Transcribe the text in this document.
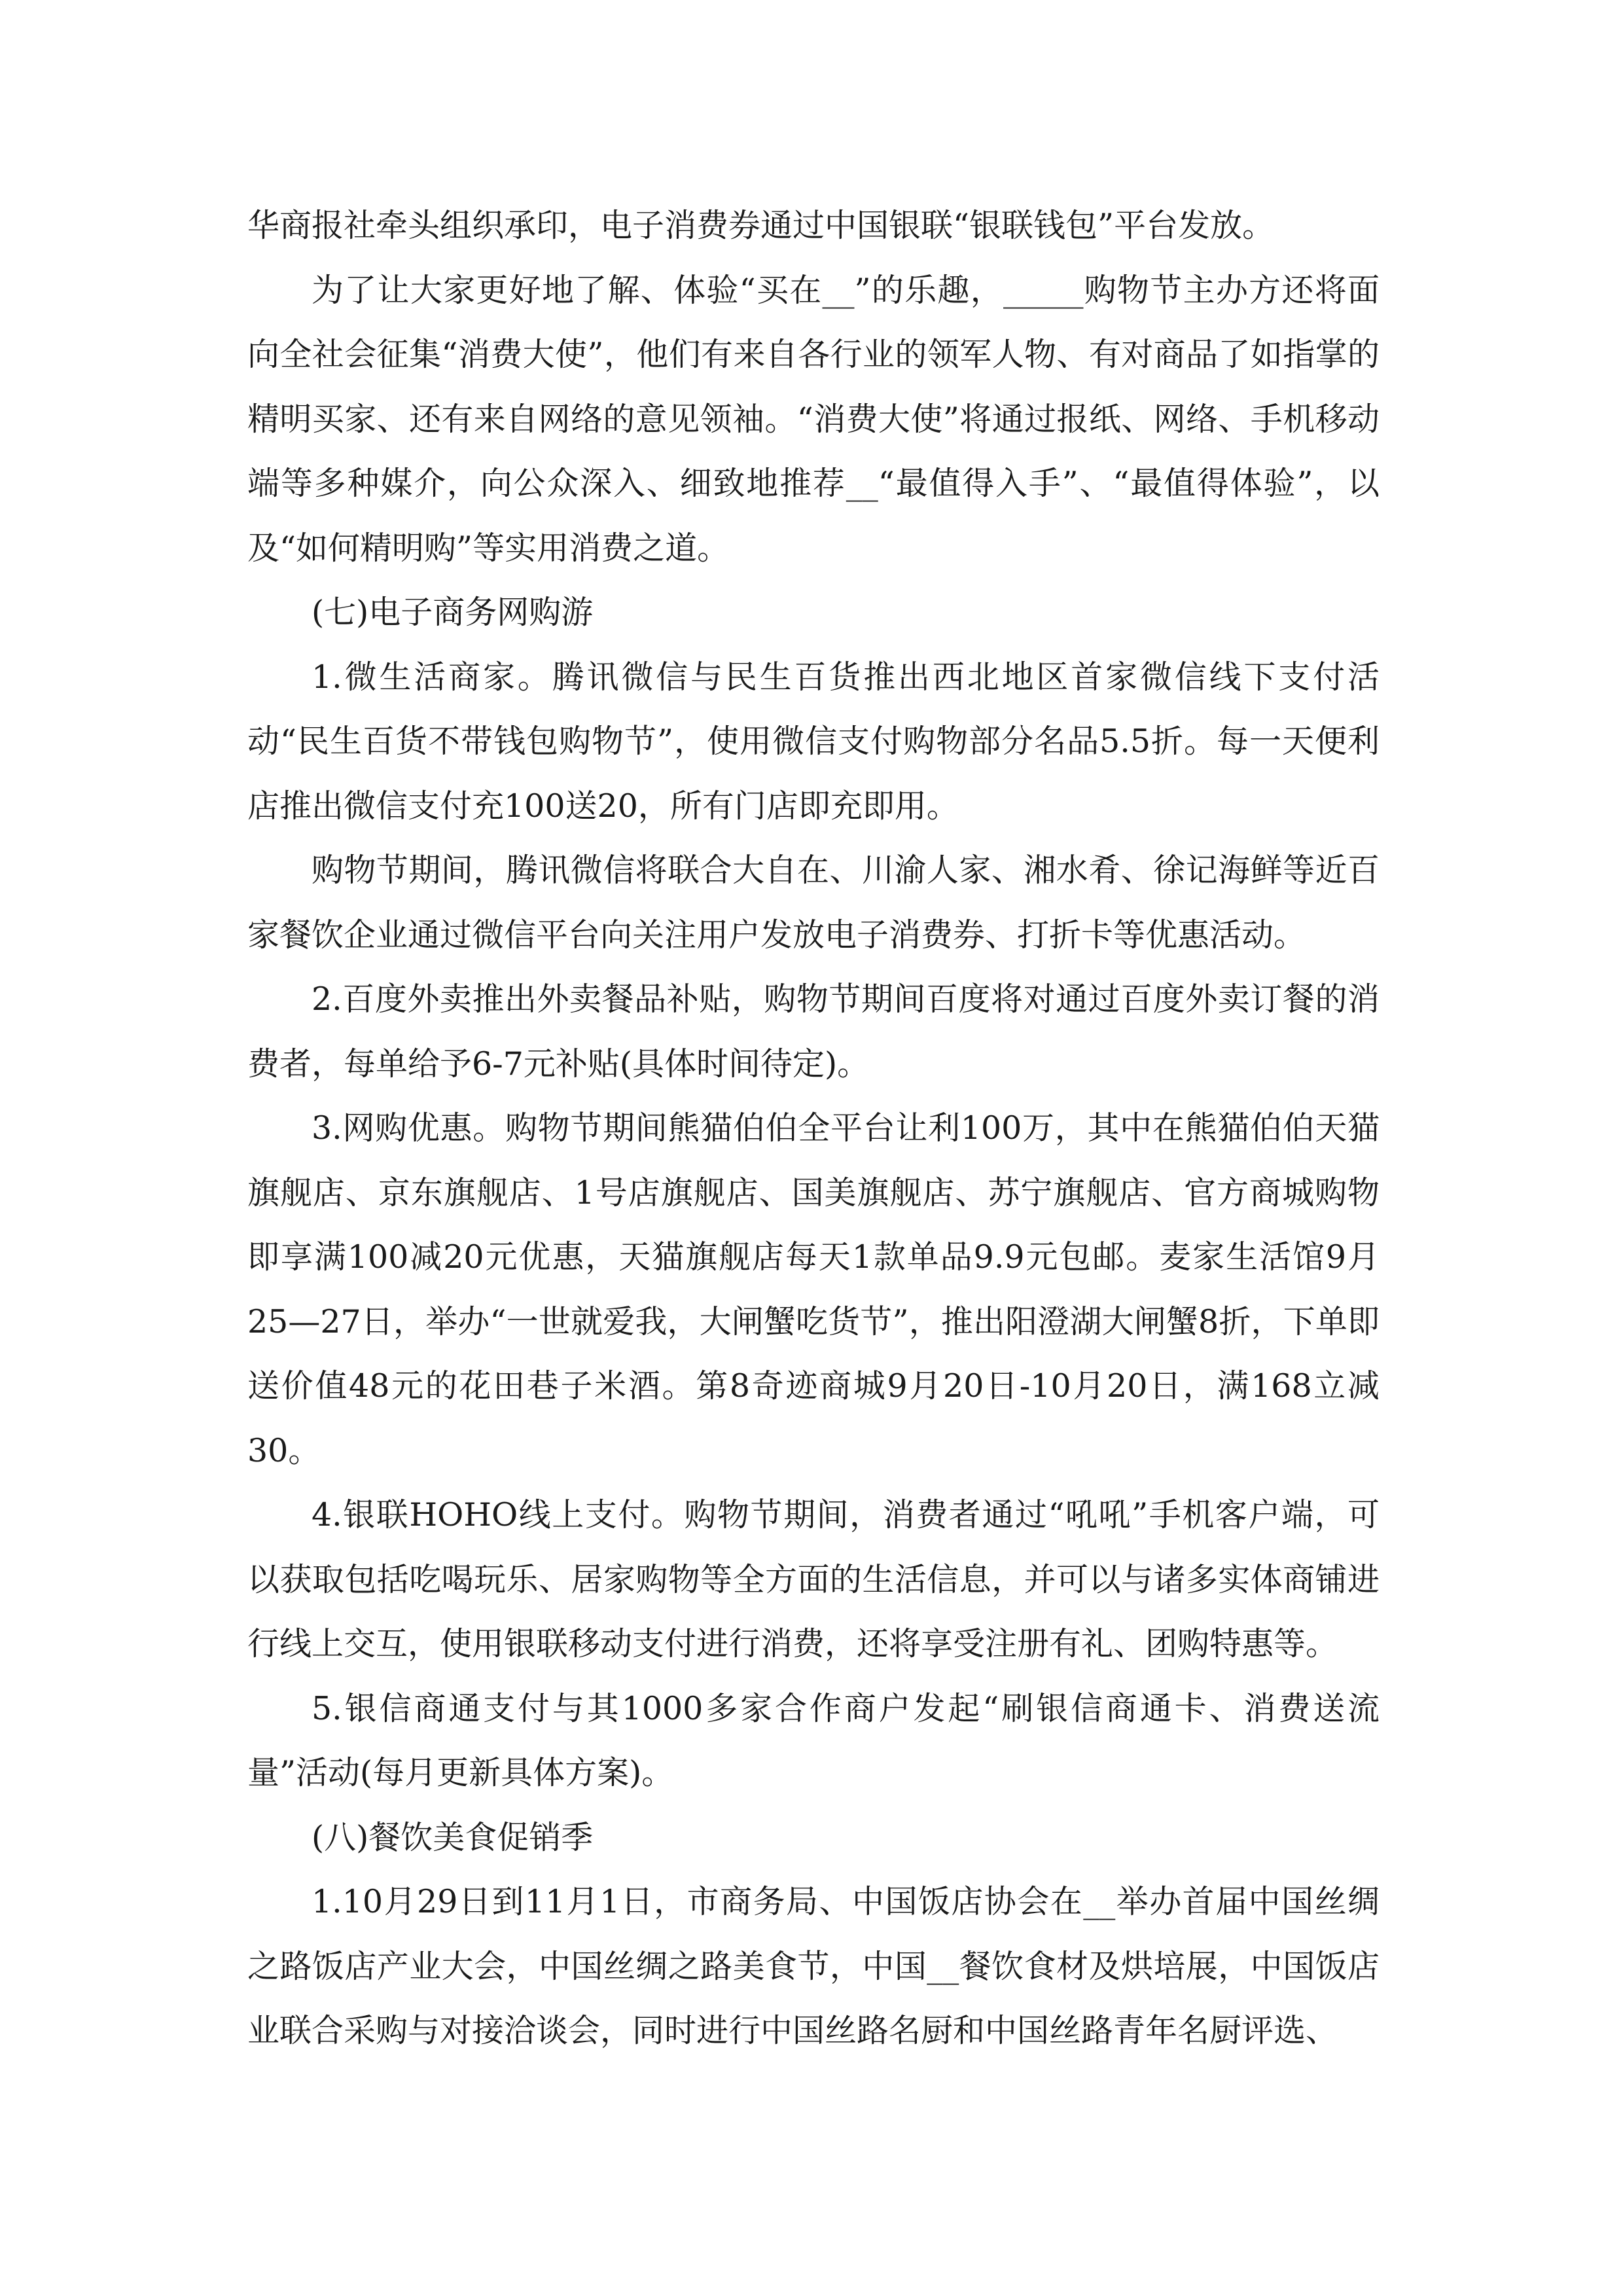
华商报社牵头组织承印，电子消费券通过中国银联“银联钱包”平台发放。

为了让大家更好地了解、体验“买在__”的乐趣，_____购物节主办方还将面向全社会征集“消费大使”，他们有来自各行业的领军人物、有对商品了如指掌的精明买家、还有来自网络的意见领袖。“消费大使”将通过报纸、网络、手机移动端等多种媒介，向公众深入、细致地推荐__“最值得入手”、“最值得体验”，以及“如何精明购”等实用消费之道。

(七)电子商务网购游

1.微生活商家。腾讯微信与民生百货推出西北地区首家微信线下支付活动“民生百货不带钱包购物节”，使用微信支付购物部分名品5.5折。每一天便利店推出微信支付充100送20，所有门店即充即用。

购物节期间，腾讯微信将联合大自在、川渝人家、湘水肴、徐记海鲜等近百家餐饮企业通过微信平台向关注用户发放电子消费券、打折卡等优惠活动。

2.百度外卖推出外卖餐品补贴，购物节期间百度将对通过百度外卖订餐的消费者，每单给予6-7元补贴(具体时间待定)。

3.网购优惠。购物节期间熊猫伯伯全平台让利100万，其中在熊猫伯伯天猫旗舰店、京东旗舰店、1号店旗舰店、国美旗舰店、苏宁旗舰店、官方商城购物即享满100减20元优惠，天猫旗舰店每天1款单品9.9元包邮。麦家生活馆9月25—27日，举办“一世就爱我，大闸蟹吃货节”，推出阳澄湖大闸蟹8折，下单即送价值48元的花田巷子米酒。第8奇迹商城9月20日-10月20日，满168立减30。

4.银联HOHO线上支付。购物节期间，消费者通过“吼吼”手机客户端，可以获取包括吃喝玩乐、居家购物等全方面的生活信息，并可以与诸多实体商铺进行线上交互，使用银联移动支付进行消费，还将享受注册有礼、团购特惠等。

5.银信商通支付与其1000多家合作商户发起“刷银信商通卡、消费送流量”活动(每月更新具体方案)。

(八)餐饮美食促销季

1.10月29日到11月1日，市商务局、中国饭店协会在__举办首届中国丝绸之路饭店产业大会，中国丝绸之路美食节，中国__餐饮食材及烘培展，中国饭店业联合采购与对接洽谈会，同时进行中国丝路名厨和中国丝路青年名厨评选、
